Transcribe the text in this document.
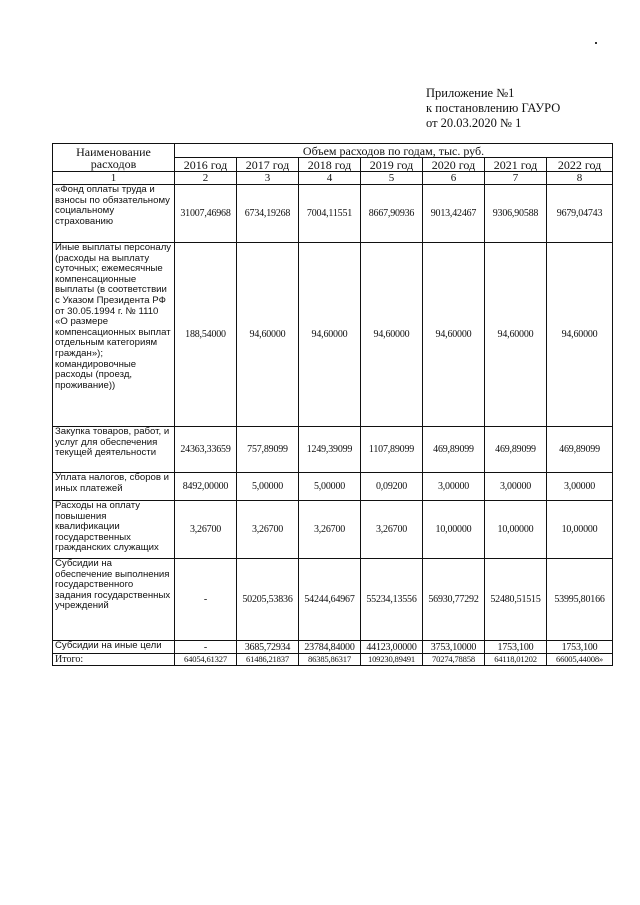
Приложение №1
к постановлению ГАУРО
от 20.03.2020 № 1
Наименование расходов	Объем расходов по годам, тыс. руб.						
	2016 год	2017 год	2018 год	2019 год	2020 год	2021 год	2022 год
1	2	3	4	5	6	7	8
«Фонд оплаты труда и взносы по обязательному социальному страхованию	31007,46968	6734,19268	7004,11551	8667,90936	9013,42467	9306,90588	9679,04743
Иные выплаты персоналу (расходы на выплату суточных; ежемесячные компенсационные выплаты (в соответствии с Указом Президента РФ от 30.05.1994 г. № 1110 «О размере компенсационных выплат отдельным категориям граждан»); командировочные расходы (проезд, проживание))	188,54000	94,60000	94,60000	94,60000	94,60000	94,60000	94,60000
Закупка товаров, работ, и услуг для обеспечения текущей деятельности	24363,33659	757,89099	1249,39099	1107,89099	469,89099	469,89099	469,89099
Уплата налогов, сборов и иных платежей	8492,00000	5,00000	5,00000	0,09200	3,00000	3,00000	3,00000
Расходы на оплату повышения квалификации государственных гражданских служащих	3,26700	3,26700	3,26700	3,26700	10,00000	10,00000	10,00000
Субсидии на обеспечение выполнения государственного задания государственных учреждений	-	50205,53836	54244,64967	55234,13556	56930,77292	52480,51515	53995,80166
Субсидии на иные цели	-	3685,72934	23784,84000	44123,00000	3753,10000	1753,100	1753,100
Итого:	64054,61327	61486,21837	86385,86317	109230,89491	70274,78858	64118,01202	66005,44008»
